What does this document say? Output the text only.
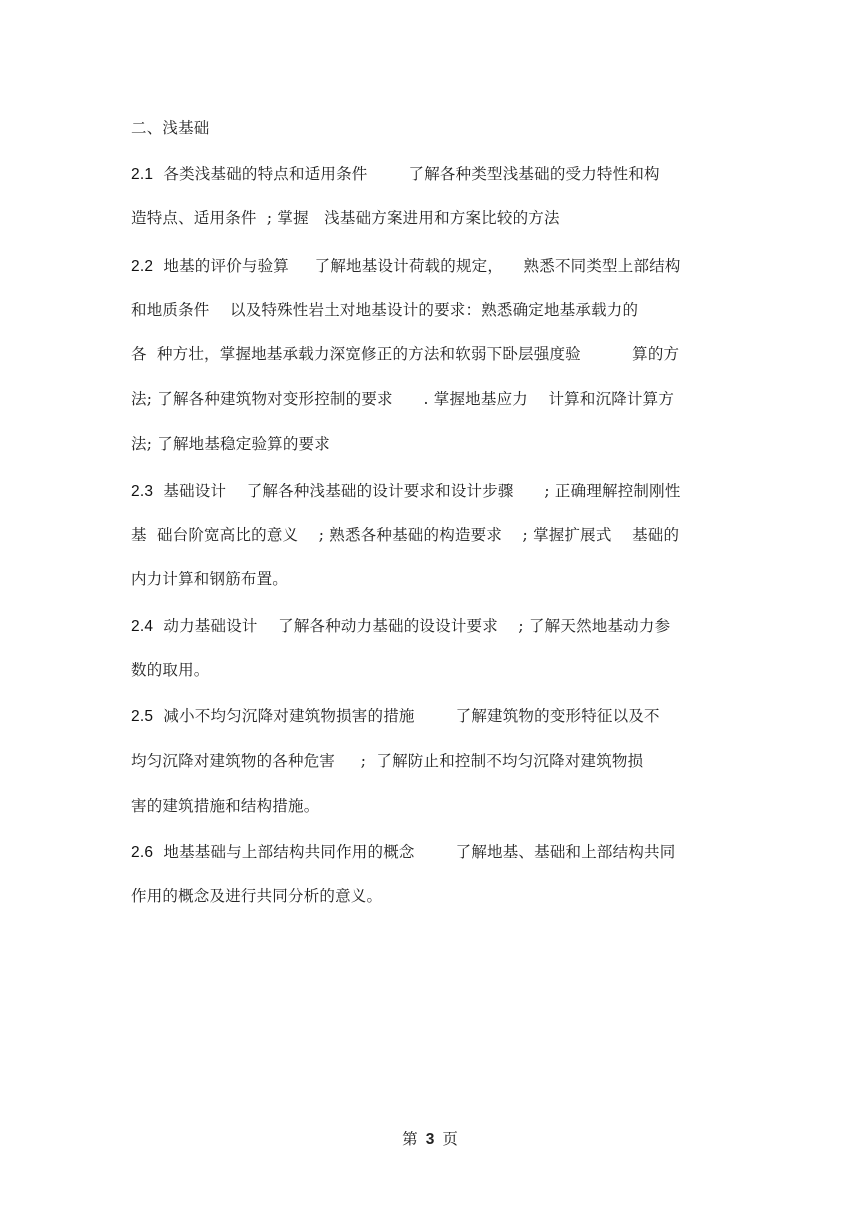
二、浅基础
2.1  各类浅基础的特点和适用条件        了解各种类型浅基础的受力特性和构
造特点、适用条件  ; 掌握   浅基础方案进用和方案比较的方法
2.2  地基的评价与验算     了解地基设计荷载的规定，    熟悉不同类型上部结构
和地质条件    以及特殊性岩土对地基设计的要求：熟悉确定地基承载力的
各  种方壮，掌握地基承载力深宽修正的方法和软弱下卧层强度验          算的方
法; 了解各种建筑物对变形控制的要求      . 掌握地基应力    计算和沉降计算方
法; 了解地基稳定验算的要求
2.3  基础设计    了解各种浅基础的设计要求和设计步骤      ; 正确理解控制刚性
基  础台阶宽高比的意义    ; 熟悉各种基础的构造要求    ; 掌握扩展式    基础的
内力计算和钢筋布置。
2.4  动力基础设计    了解各种动力基础的设设计要求    ; 了解天然地基动力参
数的取用。
2.5  减小不均匀沉降对建筑物损害的措施        了解建筑物的变形特征以及不
均匀沉降对建筑物的各种危害     ;  了解防止和控制不均匀沉降对建筑物损
害的建筑措施和结构措施。
2.6  地基基础与上部结构共同作用的概念        了解地基、基础和上部结构共同
作用的概念及进行共同分析的意义。
第 3 页
